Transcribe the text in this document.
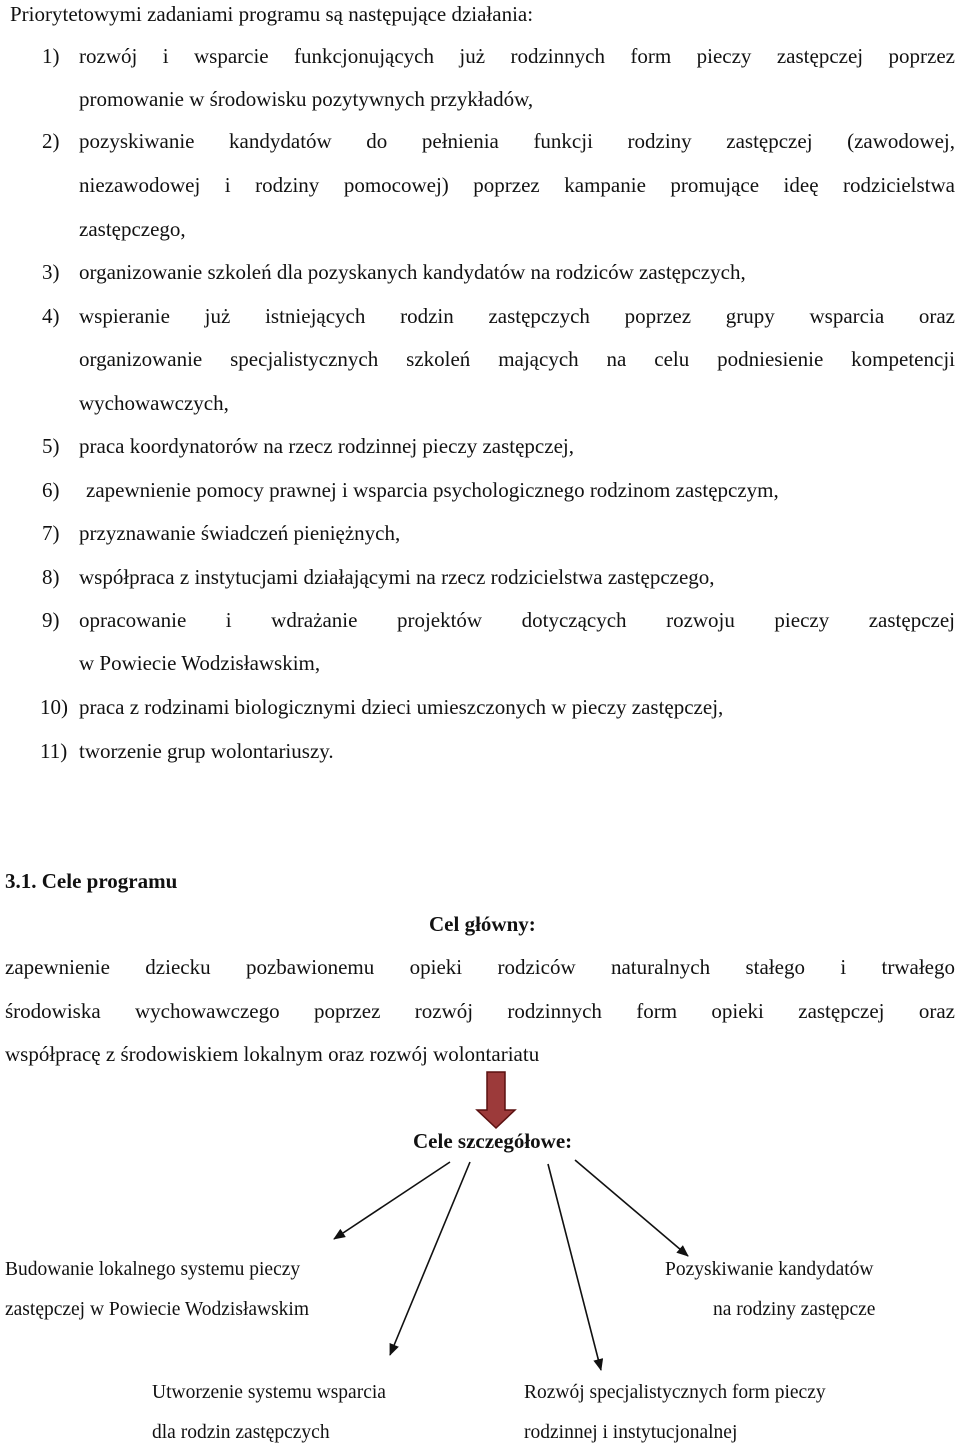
Priorytetowymi zadaniami programu są następujące działania:
1) rozwój i wsparcie funkcjonujących już rodzinnych form pieczy zastępczej poprzez
promowanie w środowisku pozytywnych przykładów,
2) pozyskiwanie kandydatów do pełnienia funkcji rodziny zastępczej (zawodowej,
niezawodowej i rodziny pomocowej) poprzez kampanie promujące ideę rodzicielstwa
zastępczego,
3) organizowanie szkoleń dla pozyskanych kandydatów na rodziców zastępczych,
4) wspieranie już istniejących rodzin zastępczych poprzez grupy wsparcia oraz
organizowanie specjalistycznych szkoleń mających na celu podniesienie kompetencji
wychowawczych,
5) praca koordynatorów na rzecz rodzinnej pieczy zastępczej,
6) zapewnienie pomocy prawnej i wsparcia psychologicznego rodzinom zastępczym,
7) przyznawanie świadczeń pieniężnych,
8) współpraca z instytucjami działającymi na rzecz rodzicielstwa zastępczego,
9) opracowanie i wdrażanie projektów dotyczących rozwoju pieczy zastępczej
w Powiecie Wodzisławskim,
10) praca z rodzinami biologicznymi dzieci umieszczonych w pieczy zastępczej,
11) tworzenie grup wolontariuszy.
3.1. Cele programu
Cel główny:
zapewnienie dziecku pozbawionemu opieki rodziców naturalnych stałego i trwałego
środowiska wychowawczego poprzez rozwój rodzinnych form opieki zastępczej oraz
współpracę z środowiskiem lokalnym oraz rozwój wolontariatu
Cele szczegółowe:
Budowanie lokalnego systemu pieczy
zastępczej w Powiecie Wodzisławskim
Pozyskiwanie kandydatów
na rodziny zastępcze
Utworzenie systemu wsparcia
dla rodzin zastępczych
Rozwój specjalistycznych form pieczy
rodzinnej i instytucjonalnej
